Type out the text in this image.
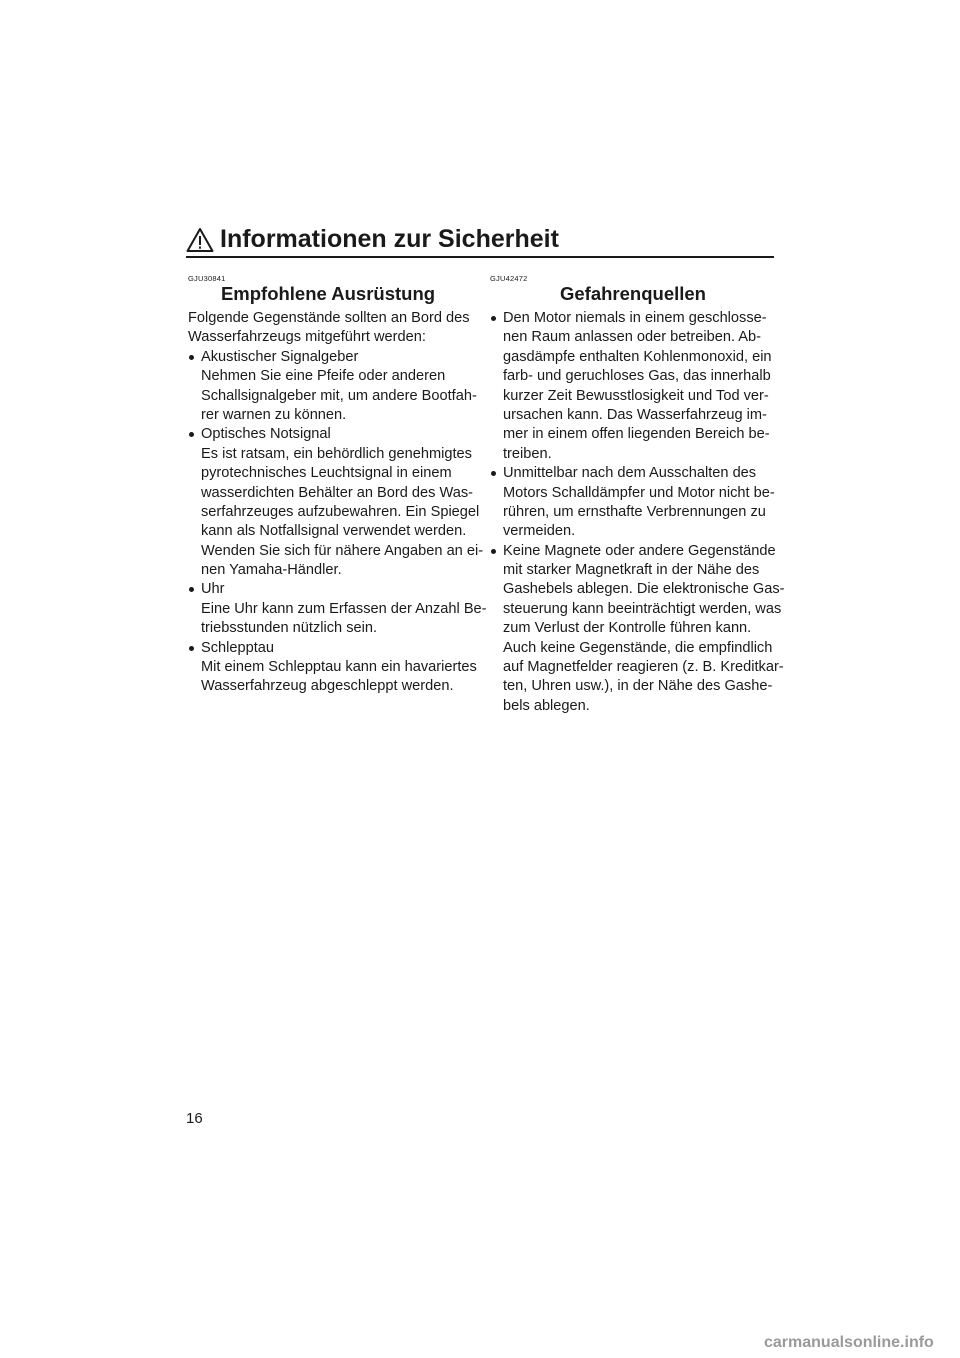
Informationen zur Sicherheit
GJU30841
Empfohlene Ausrüstung
Folgende Gegenstände sollten an Bord des
Wasserfahrzeugs mitgeführt werden:
Akustischer Signalgeber
Nehmen Sie eine Pfeife oder anderen
Schallsignalgeber mit, um andere Bootfah-
rer warnen zu können.
Optisches Notsignal
Es ist ratsam, ein behördlich genehmigtes
pyrotechnisches Leuchtsignal in einem
wasserdichten Behälter an Bord des Was-
serfahrzeuges aufzubewahren. Ein Spiegel
kann als Notfallsignal verwendet werden.
Wenden Sie sich für nähere Angaben an ei-
nen Yamaha-Händler.
Uhr
Eine Uhr kann zum Erfassen der Anzahl Be-
triebsstunden nützlich sein.
Schlepptau
Mit einem Schlepptau kann ein havariertes
Wasserfahrzeug abgeschleppt werden.
GJU42472
Gefahrenquellen
Den Motor niemals in einem geschlosse-
nen Raum anlassen oder betreiben. Ab-
gasdämpfe enthalten Kohlenmonoxid, ein
farb- und geruchloses Gas, das innerhalb
kurzer Zeit Bewusstlosigkeit und Tod ver-
ursachen kann. Das Wasserfahrzeug im-
mer in einem offen liegenden Bereich be-
treiben.
Unmittelbar nach dem Ausschalten des
Motors Schalldämpfer und Motor nicht be-
rühren, um ernsthafte Verbrennungen zu
vermeiden.
Keine Magnete oder andere Gegenstände
mit starker Magnetkraft in der Nähe des
Gashebels ablegen. Die elektronische Gas-
steuerung kann beeinträchtigt werden, was
zum Verlust der Kontrolle führen kann.
Auch keine Gegenstände, die empfindlich
auf Magnetfelder reagieren (z. B. Kreditkar-
ten, Uhren usw.), in der Nähe des Gashe-
bels ablegen.
16
carmanualsonline.info
